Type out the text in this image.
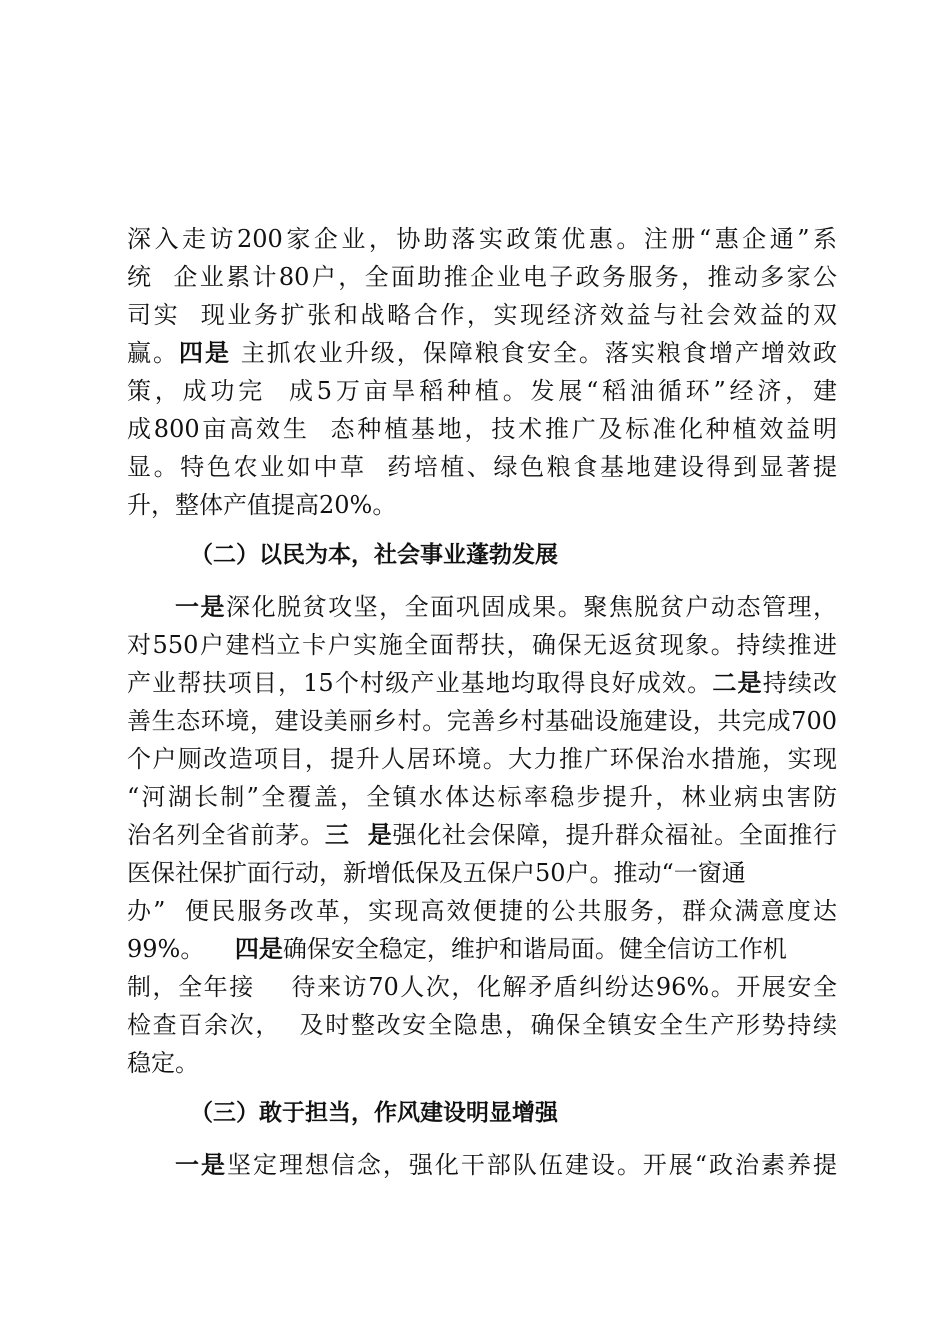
深入走访200家企业，协助落实政策优惠。注册“惠企通”系
统  企业累计80户，全面助推企业电子政务服务，推动多家公
司实  现业务扩张和战略合作，实现经济效益与社会效益的双
赢。四是 主抓农业升级，保障粮食安全。落实粮食增产增效政
策，成功完  成5万亩旱稻种植。发展“稻油循环”经济，建
成800亩高效生  态种植基地，技术推广及标准化种植效益明
显。特色农业如中草  药培植、绿色粮食基地建设得到显著提
升，整体产值提高20%。
（二）以民为本，社会事业蓬勃发展
一是深化脱贫攻坚，全面巩固成果。聚焦脱贫户动态管理，
对550户建档立卡户实施全面帮扶，确保无返贫现象。持续推进
产业帮扶项目，15个村级产业基地均取得良好成效。二是持续改
善生态环境，建设美丽乡村。完善乡村基础设施建设，共完成700
个户厕改造项目，提升人居环境。大力推广环保治水措施，实现
“河湖长制”全覆盖，全镇水体达标率稳步提升，林业病虫害防
治名列全省前茅。三  是强化社会保障，提升群众福祉。全面推行
医保社保扩面行动，新增低保及五保户50户。推动“一窗通
办”  便民服务改革，实现高效便捷的公共服务，群众满意度达
99%。    四是确保安全稳定，维护和谐局面。健全信访工作机
制，全年接    待来访70人次，化解矛盾纠纷达96%。开展安全
检查百余次，  及时整改安全隐患，确保全镇安全生产形势持续
稳定。
（三）敢于担当，作风建设明显增强
一是坚定理想信念，强化干部队伍建设。开展“政治素养提
